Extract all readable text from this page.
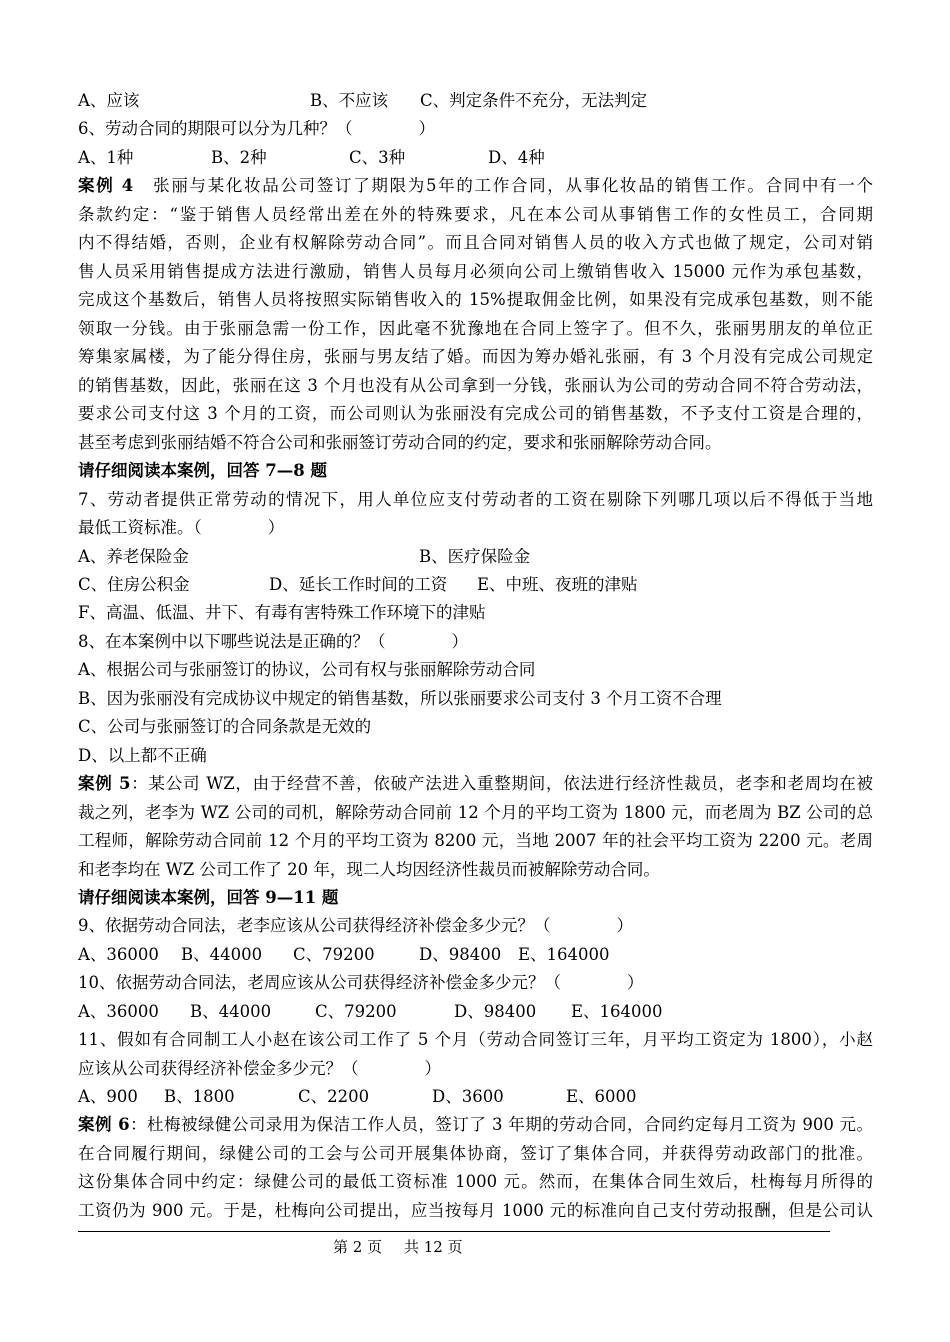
A、应该	B、不应该 C、判定条件不充分，无法判定
6、劳动合同的期限可以分为几种？（　　　　）
A、1种	B、2种	C、3种	D、4种
案例 4　张丽与某化妆品公司签订了期限为5年的工作合同，从事化妆品的销售工作。合同中有一个
条款约定：“鉴于销售人员经常出差在外的特殊要求，凡在本公司从事销售工作的女性员工，合同期
内不得结婚，否则，企业有权解除劳动合同”。而且合同对销售人员的收入方式也做了规定，公司对销
售人员采用销售提成方法进行激励，销售人员每月必须向公司上缴销售收入 15000 元作为承包基数，
完成这个基数后，销售人员将按照实际销售收入的 15%提取佣金比例，如果没有完成承包基数，则不能
领取一分钱。由于张丽急需一份工作，因此毫不犹豫地在合同上签字了。但不久，张丽男朋友的单位正
筹集家属楼，为了能分得住房，张丽与男友结了婚。而因为筹办婚礼张丽，有 3 个月没有完成公司规定
的销售基数，因此，张丽在这 3 个月也没有从公司拿到一分钱，张丽认为公司的劳动合同不符合劳动法，
要求公司支付这 3 个月的工资，而公司则认为张丽没有完成公司的销售基数，不予支付工资是合理的，
甚至考虑到张丽结婚不符合公司和张丽签订劳动合同的约定，要求和张丽解除劳动合同。
请仔细阅读本案例，回答 7—8 题
7、劳动者提供正常劳动的情况下，用人单位应支付劳动者的工资在剔除下列哪几项以后不得低于当地
最低工资标准。（　　　　）
A、养老保险金	B、医疗保险金
C、住房公积金	D、延长工作时间的工资 E、中班、夜班的津贴
F、高温、低温、井下、有毒有害特殊工作环境下的津贴
8、在本案例中以下哪些说法是正确的？（　　　　）
A、根据公司与张丽签订的协议，公司有权与张丽解除劳动合同
B、因为张丽没有完成协议中规定的销售基数，所以张丽要求公司支付 3 个月工资不合理
C、公司与张丽签订的合同条款是无效的
D、以上都不正确
案例 5：某公司 WZ，由于经营不善，依破产法进入重整期间，依法进行经济性裁员，老李和老周均在被
裁之列，老李为 WZ 公司的司机，解除劳动合同前 12 个月的平均工资为 1800 元，而老周为 BZ 公司的总
工程师，解除劳动合同前 12 个月的平均工资为 8200 元，当地 2007 年的社会平均工资为 2200 元。老周
和老李均在 WZ 公司工作了 20 年，现二人均因经济性裁员而被解除劳动合同。
请仔细阅读本案例，回答 9—11 题
9、依据劳动合同法，老李应该从公司获得经济补偿金多少元？（　　　　）
A、36000 B、44000 C、79200	D、98400 E、164000
10、依据劳动合同法，老周应该从公司获得经济补偿金多少元？（　　　　）
A、36000 B、44000	C、79200	D、98400 E、164000
11、假如有合同制工人小赵在该公司工作了 5 个月（劳动合同签订三年，月平均工资定为 1800），小赵
应该从公司获得经济补偿金多少元？（　　　　）
A、900 B、1800	C、2200	D、3600	E、6000
案例 6：杜梅被绿健公司录用为保洁工作人员，签订了 3 年期的劳动合同，合同约定每月工资为 900 元。
在合同履行期间，绿健公司的工会与公司开展集体协商，签订了集体合同，并获得劳动政部门的批准。
这份集体合同中约定：绿健公司的最低工资标准 1000 元。然而，在集体合同生效后，杜梅每月所得的
工资仍为 900 元。于是，杜梅向公司提出，应当按每月 1000 元的标准向自己支付劳动报酬，但是公司认
第 2 页 共 12 页
